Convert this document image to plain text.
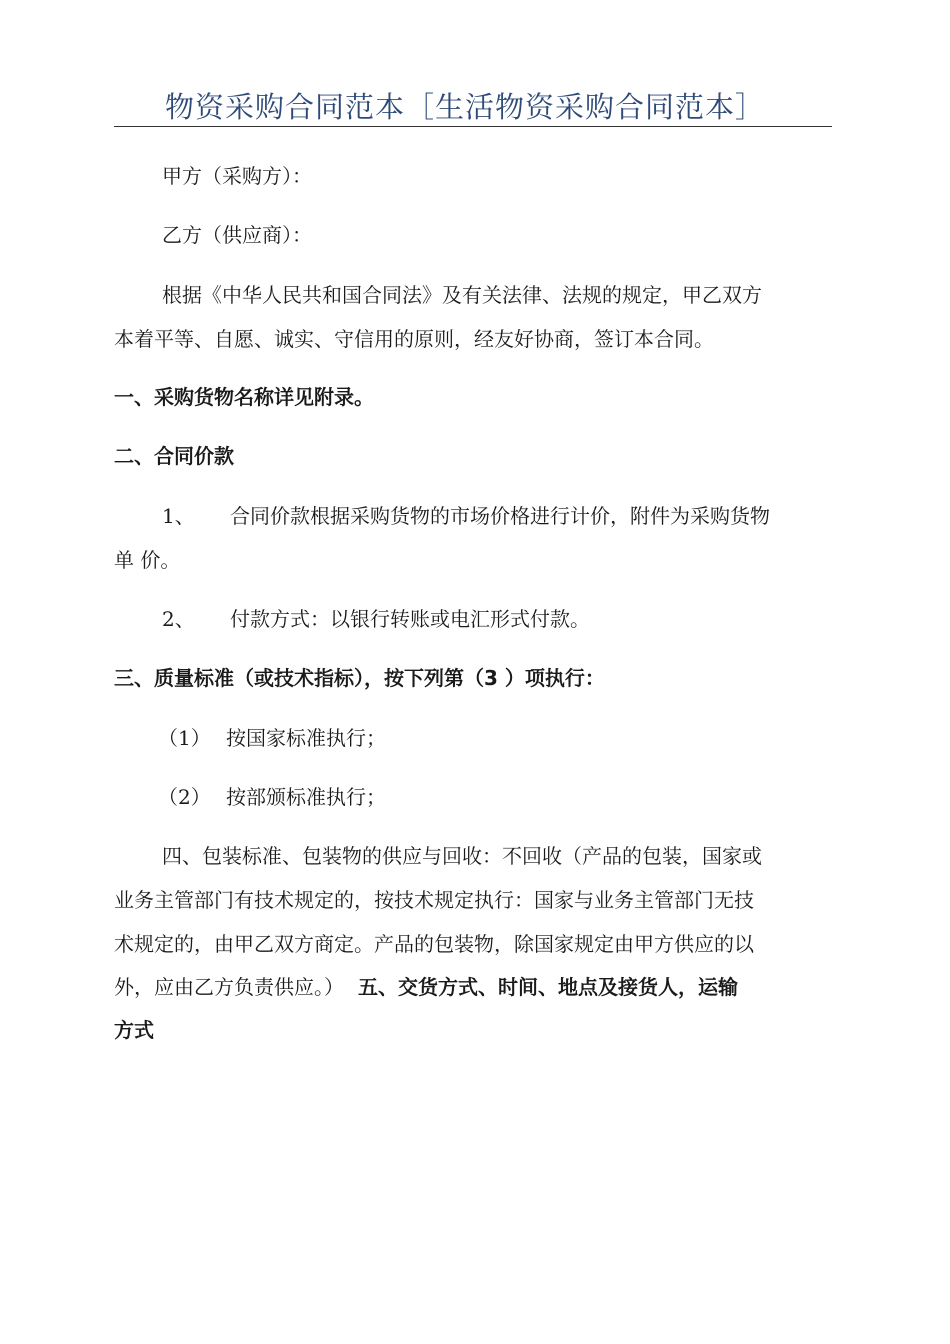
物资采购合同范本［生活物资采购合同范本］
甲方（采购方）：
乙方（供应商）：
根据《中华人民共和国合同法》及有关法律、法规的规定，甲乙双方
本着平等、自愿、诚实、守信用的原则，经友好协商，签订本合同。
一、采购货物名称详见附录。
二、合同价款
1、 合同价款根据采购货物的市场价格进行计价，附件为采购货物
单 价。
2、 付款方式：以银行转账或电汇形式付款。
三、质量标准（或技术指标），按下列第（3 ）项执行：
（1） 按国家标准执行；
（2） 按部颁标准执行；
四、包装标准、包装物的供应与回收：不回收（产品的包装，国家或
业务主管部门有技术规定的，按技术规定执行：国家与业务主管部门无技
术规定的，由甲乙双方商定。产品的包装物，除国家规定由甲方供应的以
外，应由乙方负责供应。） 五、交货方式、时间、地点及接货人，运输
方式
